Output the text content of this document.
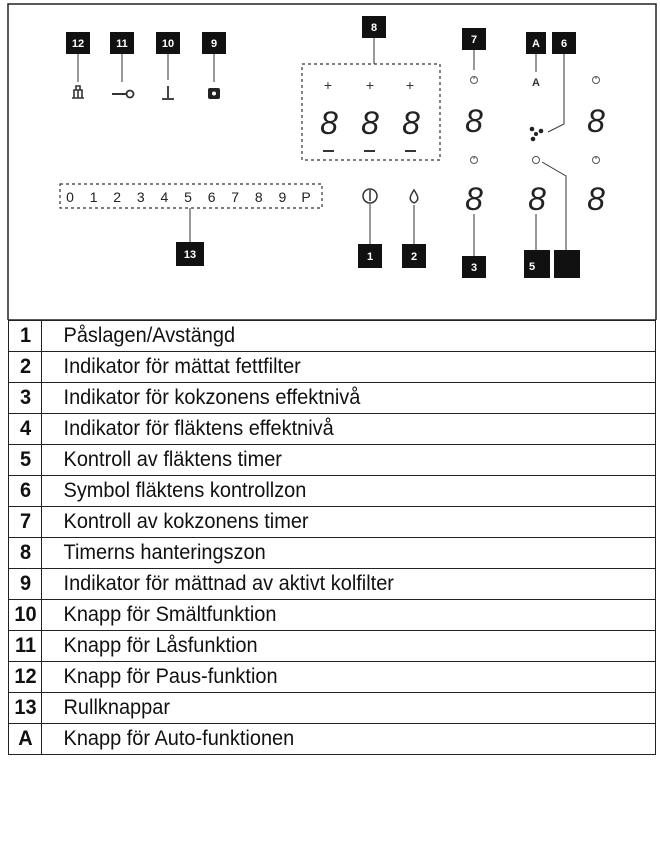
12	11	10	9
8
+ + +
8 8 8
7
8
8
3
A 6
A
8
5
8
8
0 1 2 3 4 5 6 7 8 9 P
13	1	2
1	Påslagen/Avstängd
2	Indikator för mättat fettfilter
3	Indikator för kokzonens effektnivå
4	Indikator för fläktens effektnivå
5	Kontroll av fläktens timer
6	Symbol fläktens kontrollzon
7	Kontroll av kokzonens timer
8	Timerns hanteringszon
9	Indikator för mättnad av aktivt kolfilter
10	Knapp för Smältfunktion
11	Knapp för Låsfunktion
12	Knapp för Paus-funktion
13	Rullknappar
A	Knapp för Auto-funktionen
